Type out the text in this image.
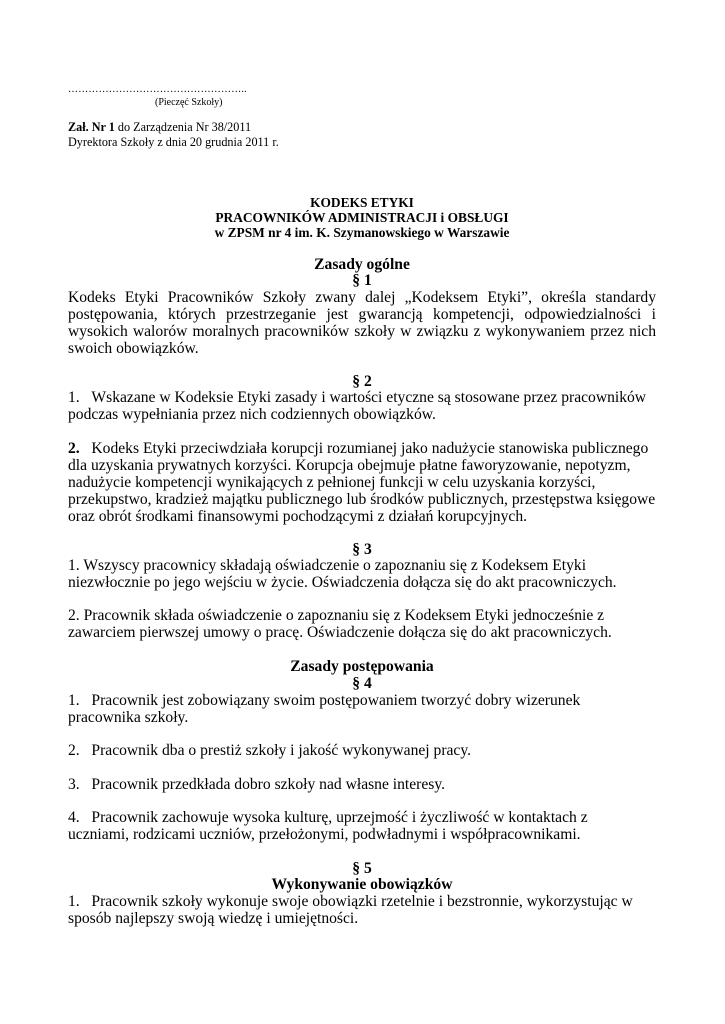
……………………………………………..
(Pieczęć Szkoły)
Zał. Nr 1 do Zarządzenia Nr 38/2011
Dyrektora Szkoły z dnia 20 grudnia 2011 r.
KODEKS ETYKI
PRACOWNIKÓW ADMINISTRACJI i OBSŁUGI
w ZPSM nr 4 im. K. Szymanowskiego w Warszawie
Zasady ogólne
§ 1
Kodeks Etyki Pracowników Szkoły zwany dalej „Kodeksem Etyki”, określa standardy postępowania, których przestrzeganie jest gwarancją kompetencji, odpowiedzialności i wysokich walorów moralnych pracowników szkoły w związku z wykonywaniem przez nich swoich obowiązków.
§ 2
1. Wskazane w Kodeksie Etyki zasady i wartości etyczne są stosowane przez pracowników podczas wypełniania przez nich codziennych obowiązków.
2. Kodeks Etyki przeciwdziała korupcji rozumianej jako nadużycie stanowiska publicznego dla uzyskania prywatnych korzyści. Korupcja obejmuje płatne faworyzowanie, nepotyzm, nadużycie kompetencji wynikających z pełnionej funkcji w celu uzyskania korzyści, przekupstwo, kradzież majątku publicznego lub środków publicznych, przestępstwa księgowe oraz obrót środkami finansowymi pochodzącymi z działań korupcyjnych.
§ 3
1. Wszyscy pracownicy składają oświadczenie o zapoznaniu się z Kodeksem Etyki niezwłocznie po jego wejściu w życie. Oświadczenia dołącza się do akt pracowniczych.
2. Pracownik składa oświadczenie o zapoznaniu się z Kodeksem Etyki jednocześnie z zawarciem pierwszej umowy o pracę. Oświadczenie dołącza się do akt pracowniczych.
Zasady postępowania
§ 4
1. Pracownik jest zobowiązany swoim postępowaniem tworzyć dobry wizerunek pracownika szkoły.
2. Pracownik dba o prestiż szkoły i jakość wykonywanej pracy.
3. Pracownik przedkłada dobro szkoły nad własne interesy.
4. Pracownik zachowuje wysoka kulturę, uprzejmość i życzliwość w kontaktach z uczniami, rodzicami uczniów, przełożonymi, podwładnymi i współpracownikami.
§ 5
Wykonywanie obowiązków
1. Pracownik szkoły wykonuje swoje obowiązki rzetelnie i bezstronnie, wykorzystując w sposób najlepszy swoją wiedzę i umiejętności.
